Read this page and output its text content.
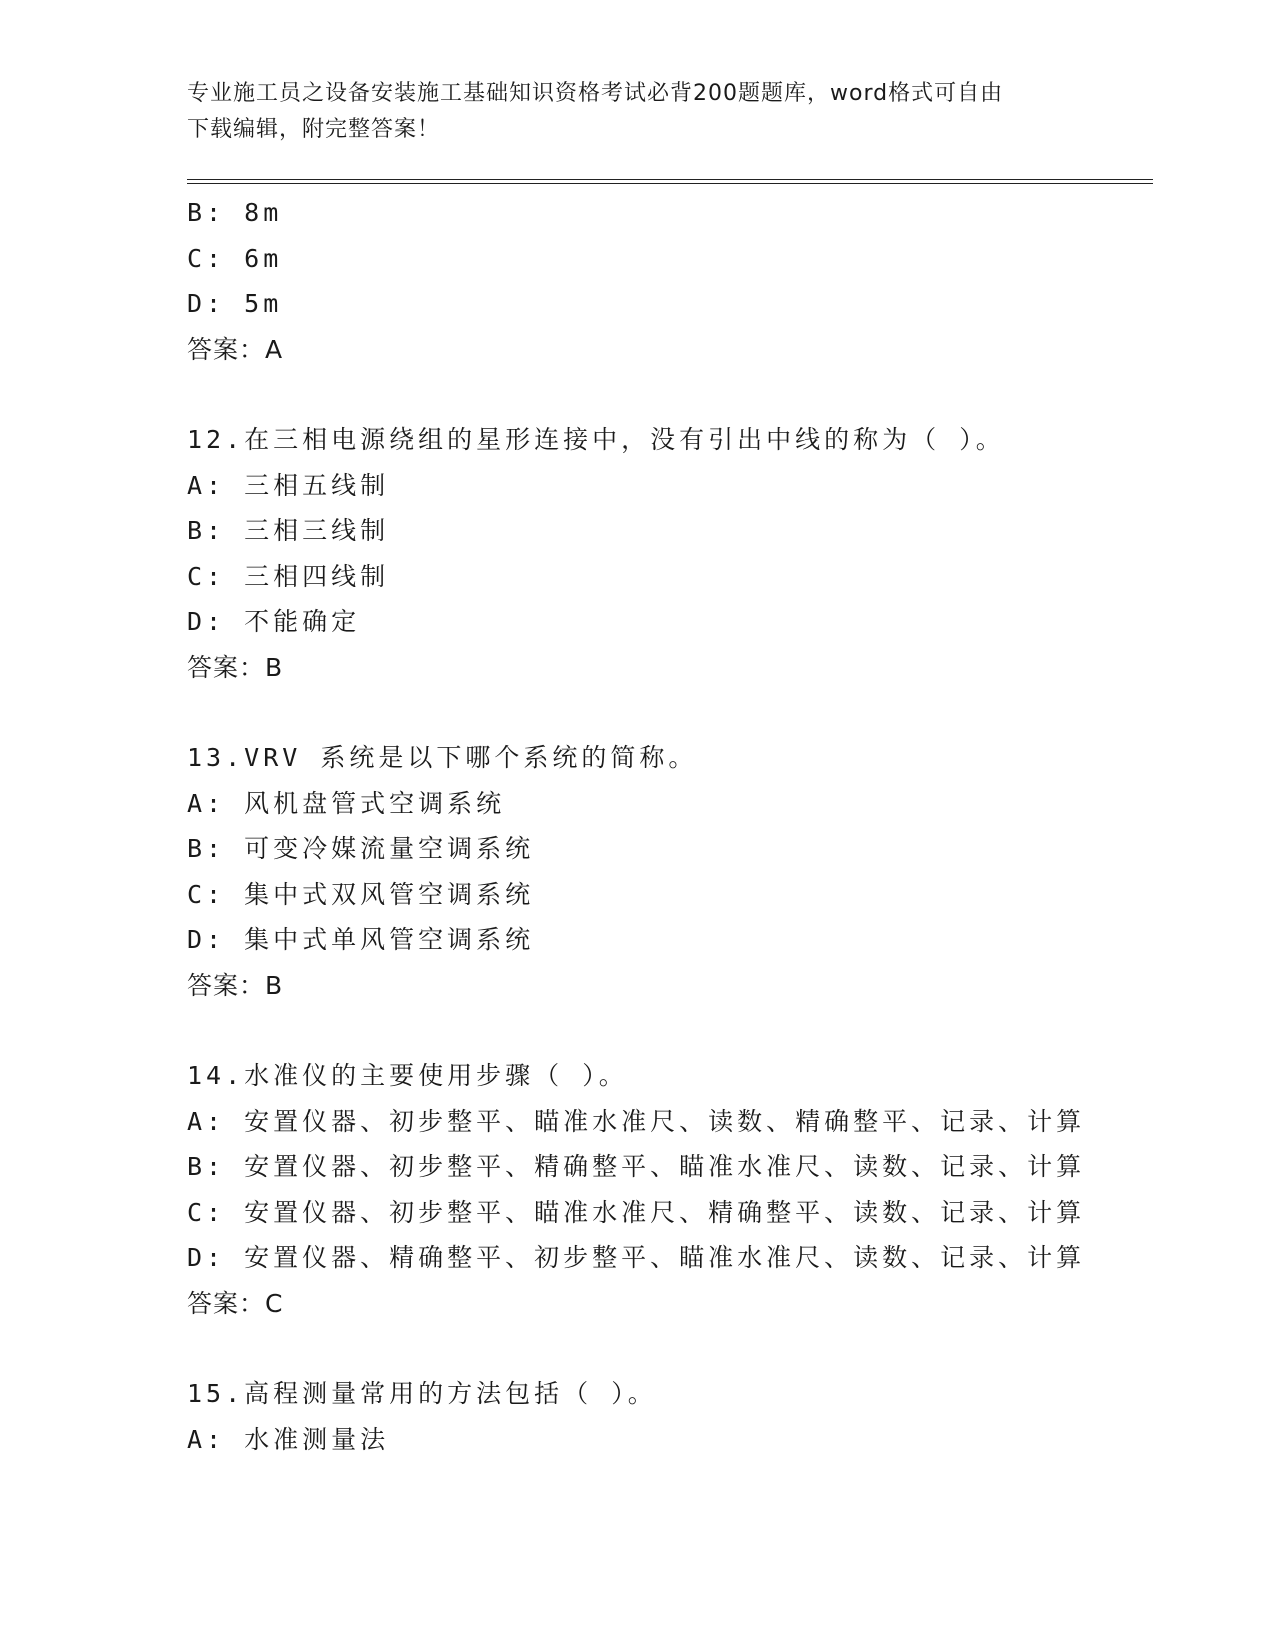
专业施工员之设备安装施工基础知识资格考试必背200题题库，word格式可自由
下载编辑，附完整答案！
B: 8m
C: 6m
D: 5m
答案：A
12.在三相电源绕组的星形连接中，没有引出中线的称为（ ）。
A: 三相五线制
B: 三相三线制
C: 三相四线制
D: 不能确定
答案：B
13.VRV 系统是以下哪个系统的简称。
A: 风机盘管式空调系统
B: 可变冷媒流量空调系统
C: 集中式双风管空调系统
D: 集中式单风管空调系统
答案：B
14.水准仪的主要使用步骤（ ）。
A: 安置仪器、初步整平、瞄准水准尺、读数、精确整平、记录、计算
B: 安置仪器、初步整平、精确整平、瞄准水准尺、读数、记录、计算
C: 安置仪器、初步整平、瞄准水准尺、精确整平、读数、记录、计算
D: 安置仪器、精确整平、初步整平、瞄准水准尺、读数、记录、计算
答案：C
15.高程测量常用的方法包括（ ）。
A: 水准测量法
